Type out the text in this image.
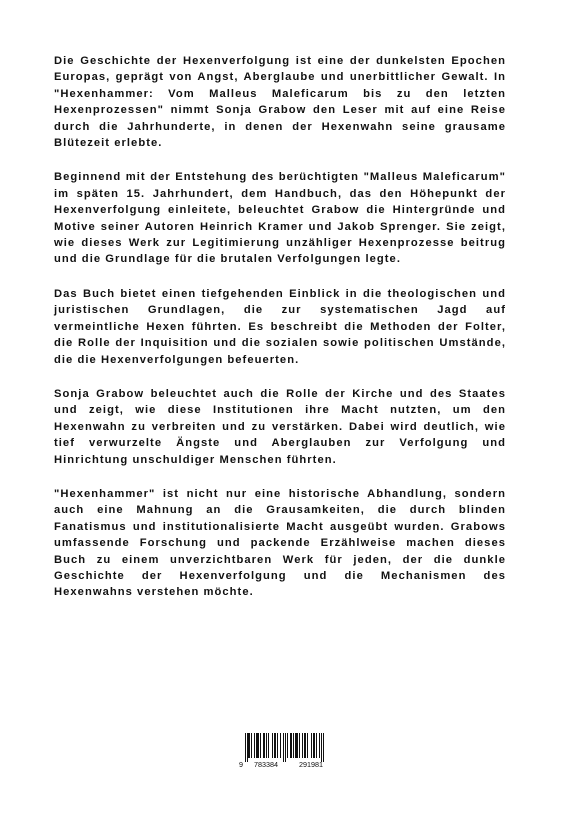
Die Geschichte der Hexenverfolgung ist eine der dunkelsten Epochen Europas, geprägt von Angst, Aberglaube und unerbittlicher Gewalt. In "Hexenhammer: Vom Malleus Maleficarum bis zu den letzten Hexenprozessen" nimmt Sonja Grabow den Leser mit auf eine Reise durch die Jahrhunderte, in denen der Hexenwahn seine grausame Blütezeit erlebte.

Beginnend mit der Entstehung des berüchtigten "Malleus Maleficarum" im späten 15. Jahrhundert, dem Handbuch, das den Höhepunkt der Hexenverfolgung einleitete, beleuchtet Grabow die Hintergründe und Motive seiner Autoren Heinrich Kramer und Jakob Sprenger. Sie zeigt, wie dieses Werk zur Legitimierung unzähliger Hexenprozesse beitrug und die Grundlage für die brutalen Verfolgungen legte.

Das Buch bietet einen tiefgehenden Einblick in die theologischen und juristischen Grundlagen, die zur systematischen Jagd auf vermeintliche Hexen führten. Es beschreibt die Methoden der Folter, die Rolle der Inquisition und die sozialen sowie politischen Umstände, die die Hexenverfolgungen befeuerten.

Sonja Grabow beleuchtet auch die Rolle der Kirche und des Staates und zeigt, wie diese Institutionen ihre Macht nutzten, um den Hexenwahn zu verbreiten und zu verstärken. Dabei wird deutlich, wie tief verwurzelte Ängste und Aberglauben zur Verfolgung und Hinrichtung unschuldiger Menschen führten.

"Hexenhammer" ist nicht nur eine historische Abhandlung, sondern auch eine Mahnung an die Grausamkeiten, die durch blinden Fanatismus und institutionalisierte Macht ausgeübt wurden. Grabows umfassende Forschung und packende Erzählweise machen dieses Buch zu einem unverzichtbaren Werk für jeden, der die dunkle Geschichte der Hexenverfolgung und die Mechanismen des Hexenwahns verstehen möchte.

9 783384	291981
